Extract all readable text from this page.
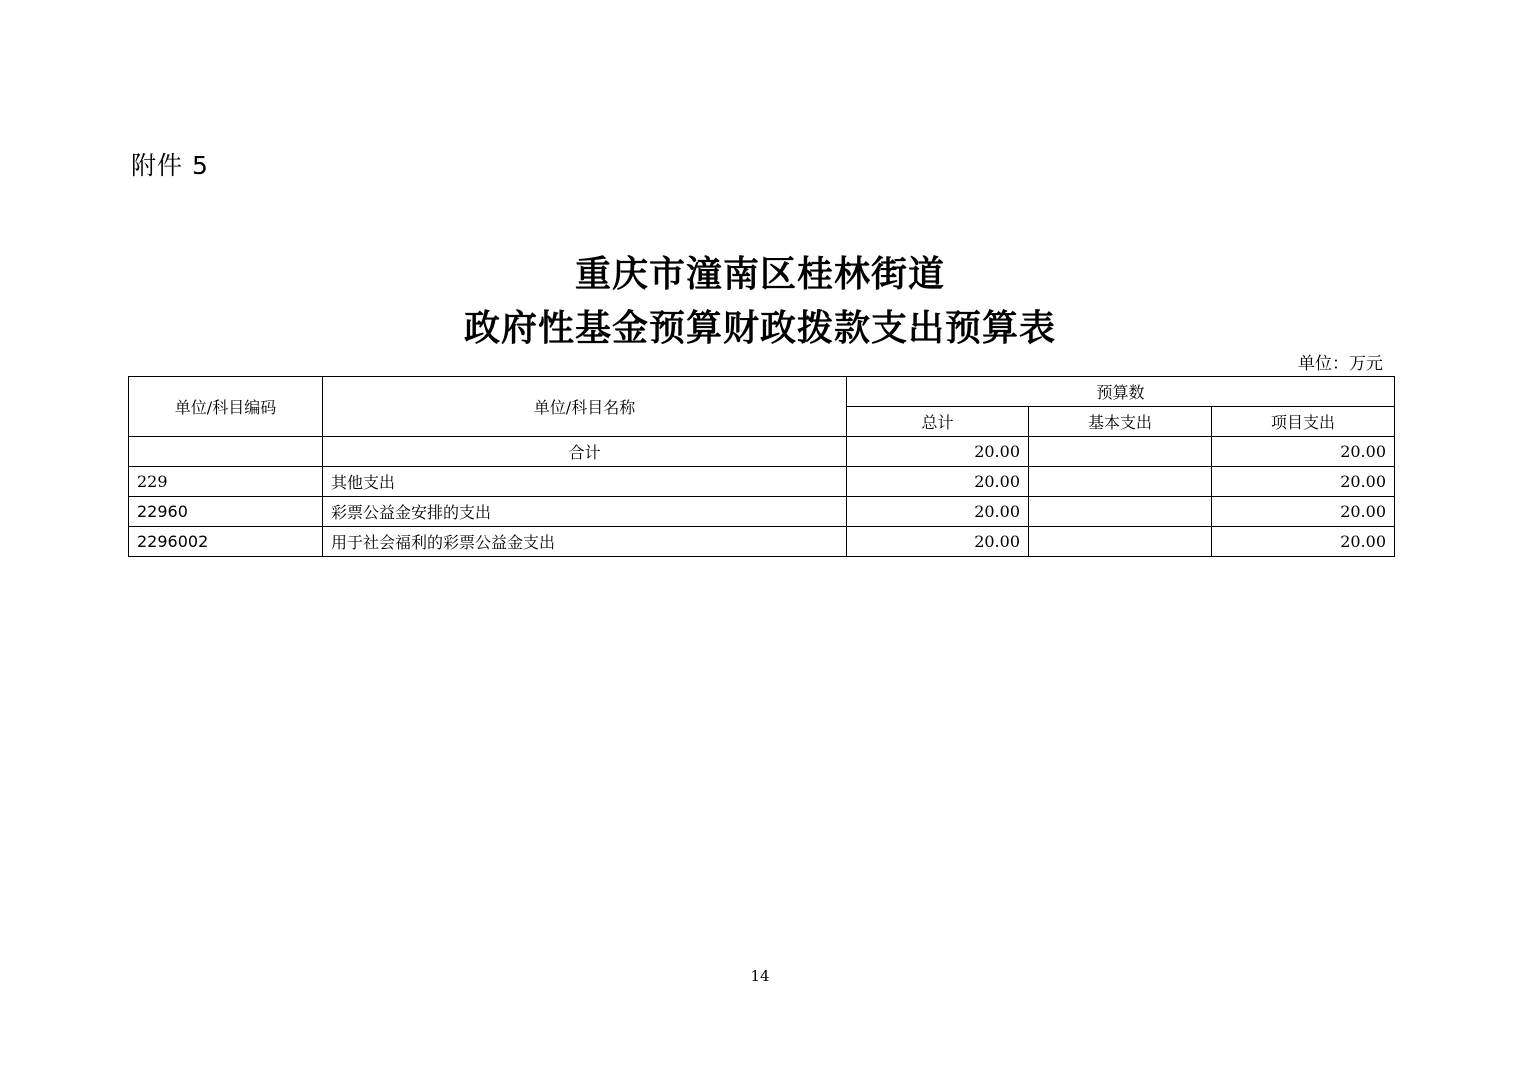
附件 5
重庆市潼南区桂林街道
政府性基金预算财政拨款支出预算表
单位：万元
单位/科目编码	单位/科目名称	预算数		
		总计	基本支出	项目支出
	合计	20.00		20.00
229	其他支出	20.00		20.00
22960	彩票公益金安排的支出	20.00		20.00
2296002	用于社会福利的彩票公益金支出	20.00		20.00
14
